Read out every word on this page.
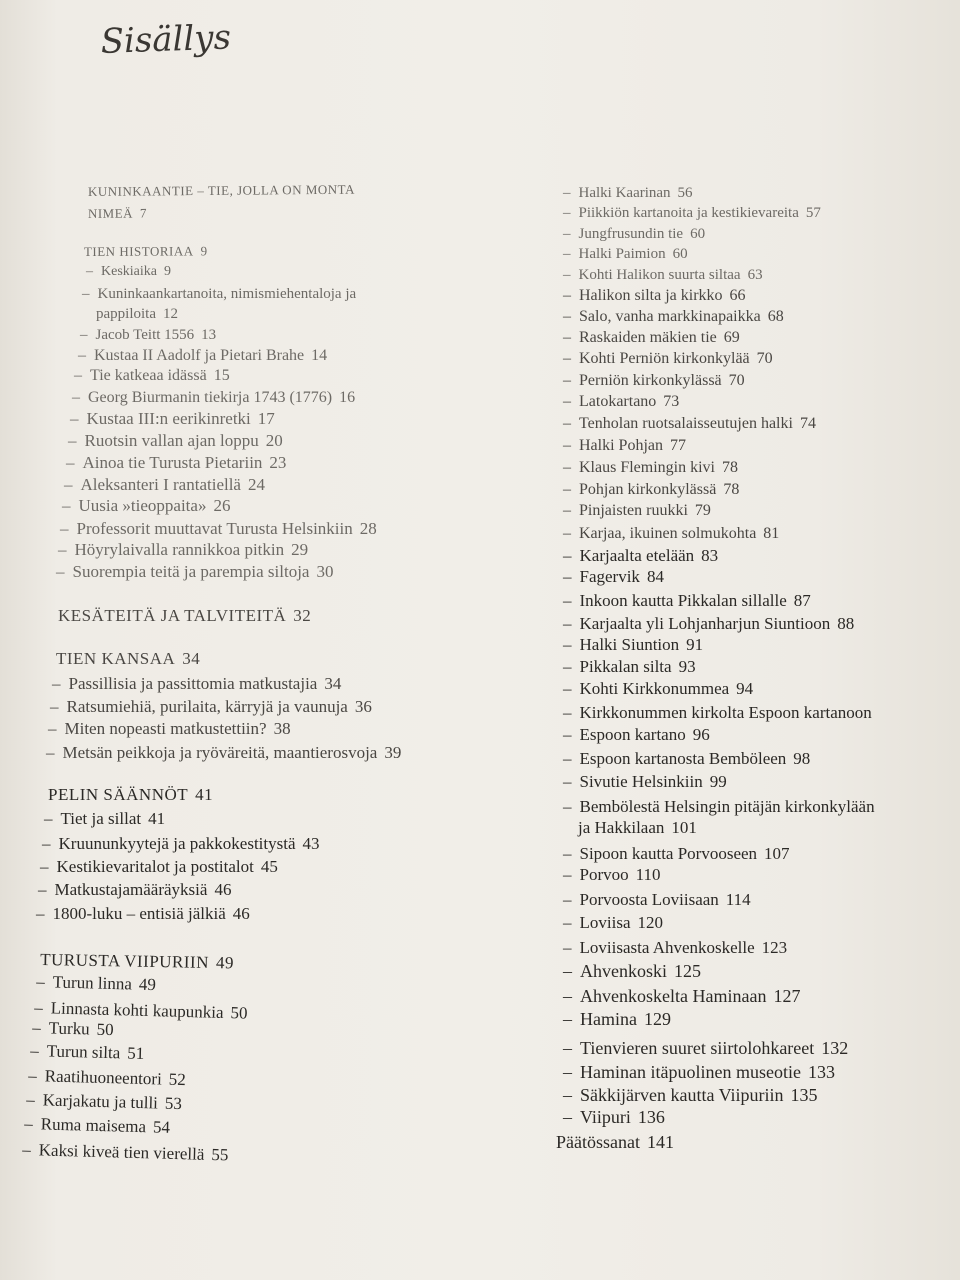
Sisällys
KUNINKAANTIE – TIE, JOLLA ON MONTA
NIMEÄ 7
TIEN HISTORIAA 9
– Keskiaika 9
– Kuninkaankartanoita, nimismiehentaloja ja
pappiloita 12
– Jacob Teitt 1556 13
– Kustaa II Aadolf ja Pietari Brahe 14
– Tie katkeaa idässä 15
– Georg Biurmanin tiekirja 1743 (1776) 16
– Kustaa III:n eerikinretki 17
– Ruotsin vallan ajan loppu 20
– Ainoa tie Turusta Pietariin 23
– Aleksanteri I rantatiellä 24
– Uusia »tieoppaita» 26
– Professorit muuttavat Turusta Helsinkiin 28
– Höyrylaivalla rannikkoa pitkin 29
– Suorempia teitä ja parempia siltoja 30
KESÄTEITÄ JA TALVITEITÄ 32
TIEN KANSAA 34
– Passillisia ja passittomia matkustajia 34
– Ratsumiehiä, purilaita, kärryjä ja vaunuja 36
– Miten nopeasti matkustettiin? 38
– Metsän peikkoja ja ryöväreitä, maantierosvoja 39
PELIN SÄÄNNÖT 41
– Tiet ja sillat 41
– Kruununkyytejä ja pakkokestitystä 43
– Kestikievaritalot ja postitalot 45
– Matkustajamääräyksiä 46
– 1800-luku – entisiä jälkiä 46
TURUSTA VIIPURIIN 49
– Turun linna 49
– Linnasta kohti kaupunkia 50
– Turku 50
– Turun silta 51
– Raatihuoneentori 52
– Karjakatu ja tulli 53
– Ruma maisema 54
– Kaksi kiveä tien vierellä 55
– Halki Kaarinan 56
– Piikkiön kartanoita ja kestikievareita 57
– Jungfrusundin tie 60
– Halki Paimion 60
– Kohti Halikon suurta siltaa 63
– Halikon silta ja kirkko 66
– Salo, vanha markkinapaikka 68
– Raskaiden mäkien tie 69
– Kohti Perniön kirkonkylää 70
– Perniön kirkonkylässä 70
– Latokartano 73
– Tenholan ruotsalaisseutujen halki 74
– Halki Pohjan 77
– Klaus Flemingin kivi 78
– Pohjan kirkonkylässä 78
– Pinjaisten ruukki 79
– Karjaa, ikuinen solmukohta 81
– Karjaalta etelään 83
– Fagervik 84
– Inkoon kautta Pikkalan sillalle 87
– Karjaalta yli Lohjanharjun Siuntioon 88
– Halki Siuntion 91
– Pikkalan silta 93
– Kohti Kirkkonummea 94
– Kirkkonummen kirkolta Espoon kartanoon
– Espoon kartano 96
– Espoon kartanosta Bemböleen 98
– Sivutie Helsinkiin 99
– Bembölestä Helsingin pitäjän kirkonkylään
ja Hakkilaan 101
– Sipoon kautta Porvooseen 107
– Porvoo 110
– Porvoosta Loviisaan 114
– Loviisa 120
– Loviisasta Ahvenkoskelle 123
– Ahvenkoski 125
– Ahvenkoskelta Haminaan 127
– Hamina 129
– Tienvieren suuret siirtolohkareet 132
– Haminan itäpuolinen museotie 133
– Säkkijärven kautta Viipuriin 135
– Viipuri 136
Päätössanat 141
